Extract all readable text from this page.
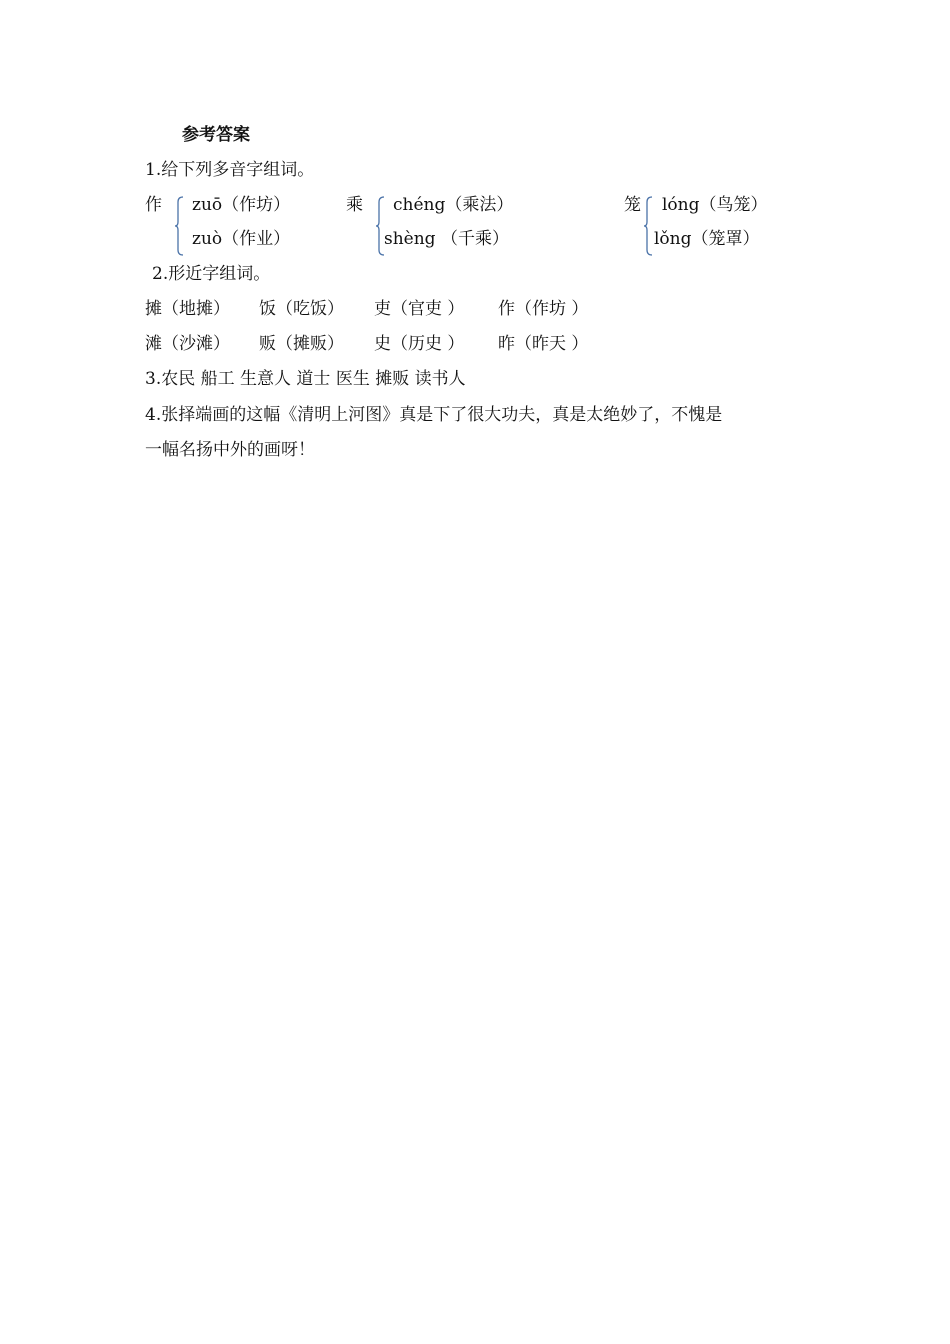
参考答案
1.给下列多音字组词。
作 zuō（作坊）
zuò（作业）
乘 chéng（乘法）
shèng （千乘）
笼 lóng（鸟笼）
lǒng（笼罩）
2.形近字组词。
摊（地摊） 饭（吃饭） 吏（官吏 ） 作（作坊 ）
滩（沙滩） 贩（摊贩） 史（历史 ） 昨（昨天 ）
3.农民 船工 生意人 道士 医生 摊贩 读书人
4.张择端画的这幅《清明上河图》真是下了很大功夫，真是太绝妙了，不愧是
一幅名扬中外的画呀！
